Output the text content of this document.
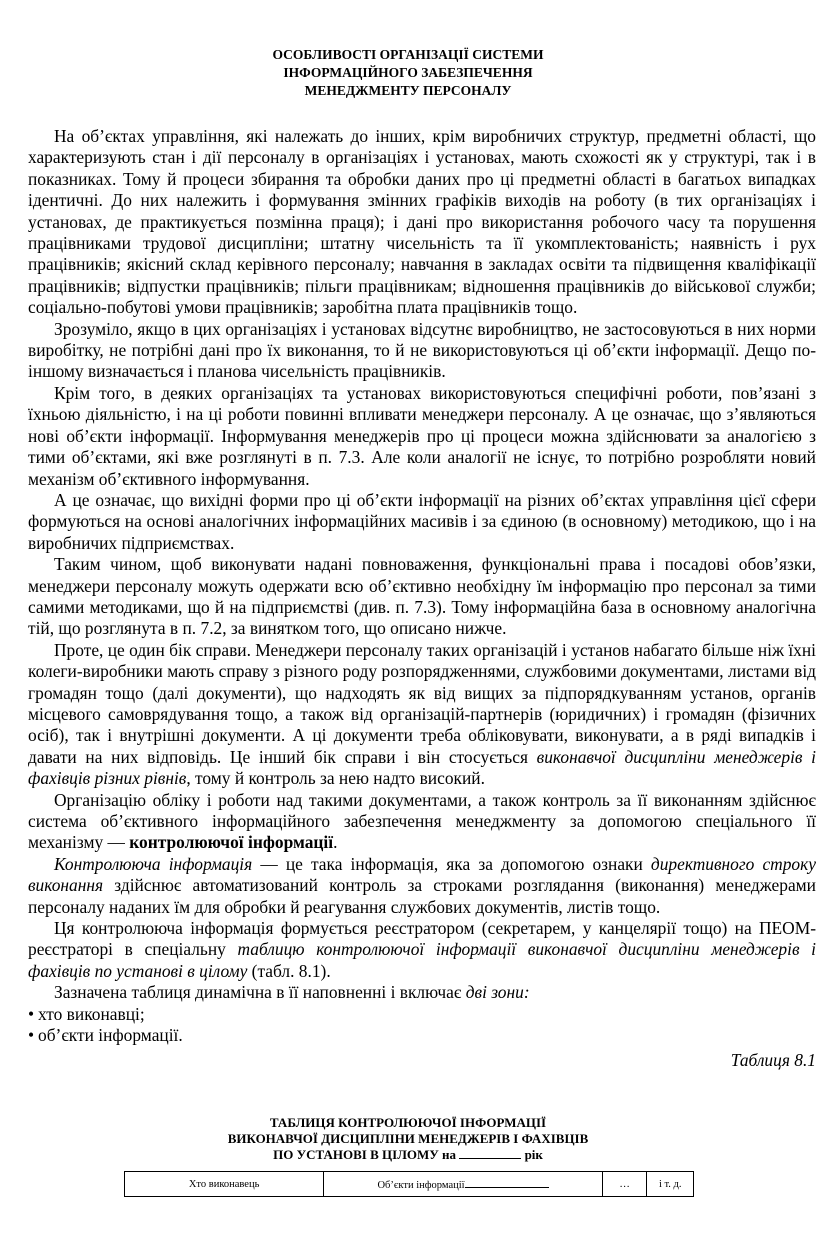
ОСОБЛИВОСТІ ОРГАНІЗАЦІЇ СИСТЕМИ
ІНФОРМАЦІЙНОГО ЗАБЕЗПЕЧЕННЯ
МЕНЕДЖМЕНТУ ПЕРСОНАЛУ

На об’єктах управління, які належать до інших, крім виробничих структур, предметні області, що характеризують стан і дії персоналу в організаціях і установах, мають схожості як у структурі, так і в показниках. Тому й процеси збирання та обробки даних про ці предметні області в багатьох випадках ідентичні. До них належить і формування змінних графіків виходів на роботу (в тих організаціях і установах, де практикується позмінна праця); і дані про використання робочого часу та порушення працівниками трудової дисципліни; штатну чисельність та її укомплектованість; наявність і рух працівників; якісний склад керівного персоналу; навчання в закладах освіти та підвищення кваліфікації працівників; відпустки працівників; пільги працівникам; відношення працівників до військової служби; соціально-побутові умови працівників; заробітна плата працівників тощо.

Зрозуміло, якщо в цих організаціях і установах відсутнє виробництво, не застосовуються в них норми виробітку, не потрібні дані про їх виконання, то й не використовуються ці об’єкти інформації. Дещо по-іншому визначається і планова чисельність працівників.

Крім того, в деяких організаціях та установах використовуються специфічні роботи, пов’язані з їхньою діяльністю, і на ці роботи повинні впливати менеджери персоналу. А це означає, що з’являються нові об’єкти інформації. Інформування менеджерів про ці процеси можна здійснювати за аналогією з тими об’єктами, які вже розглянуті в п. 7.3. Але коли аналогії не існує, то потрібно розробляти новий механізм об’єктивного інформування.

А це означає, що вихідні форми про ці об’єкти інформації на різних об’єктах управління цієї сфери формуються на основі аналогічних інформаційних масивів і за єдиною (в основному) методикою, що і на виробничих підприємствах.

Таким чином, щоб виконувати надані повноваження, функціональні права і посадові обов’язки, менеджери персоналу можуть одержати всю об’єктивно необхідну їм інформацію про персонал за тими самими методиками, що й на підприємстві (див. п. 7.3). Тому інформаційна база в основному аналогічна тій, що розглянута в п. 7.2, за винятком того, що описано нижче.

Проте, це один бік справи. Менеджери персоналу таких організацій і установ набагато більше ніж їхні колеги-виробники мають справу з різного роду розпорядженнями, службовими документами, листами від громадян тощо (далі документи), що надходять як від вищих за підпорядкуванням установ, органів місцевого самоврядування тощо, а також від організацій-партнерів (юридичних) і громадян (фізичних осіб), так і внутрішні документи. А ці документи треба обліковувати, виконувати, а в ряді випадків і давати на них відповідь. Це інший бік справи і він стосується виконавчої дисципліни менеджерів і фахівців різних рівнів, тому й контроль за нею надто високий.

Організацію обліку і роботи над такими документами, а також контроль за її виконанням здійснює система об’єктивного інформаційного забезпечення менеджменту за допомогою спеціального її механізму — контролюючої інформації.

Контролююча інформація — це така інформація, яка за допомогою ознаки директивного строку виконання здійснює автоматизований контроль за строками розглядання (виконання) менеджерами персоналу наданих їм для обробки й реагування службових документів, листів тощо.

Ця контролююча інформація формується реєстратором (секретарем, у канцелярії тощо) на ПЕОМ-реєстраторі в спеціальну таблицю контролюючої інформації виконавчої дисципліни менеджерів і фахівців по установі в цілому (табл. 8.1).

Зазначена таблиця динамічна в її наповненні і включає дві зони:

• хто виконавці;

• об’єкти інформації.

Таблиця 8.1
ТАБЛИЦЯ КОНТРОЛЮЮЧОЇ ІНФОРМАЦІЇ
ВИКОНАВЧОЇ ДИСЦИПЛІНИ МЕНЕДЖЕРІВ І ФАХІВЦІВ
ПО УСТАНОВІ В ЦІЛОМУ на	рік
Хто виконавець	Об’єкти інформації	…	і т. д.
